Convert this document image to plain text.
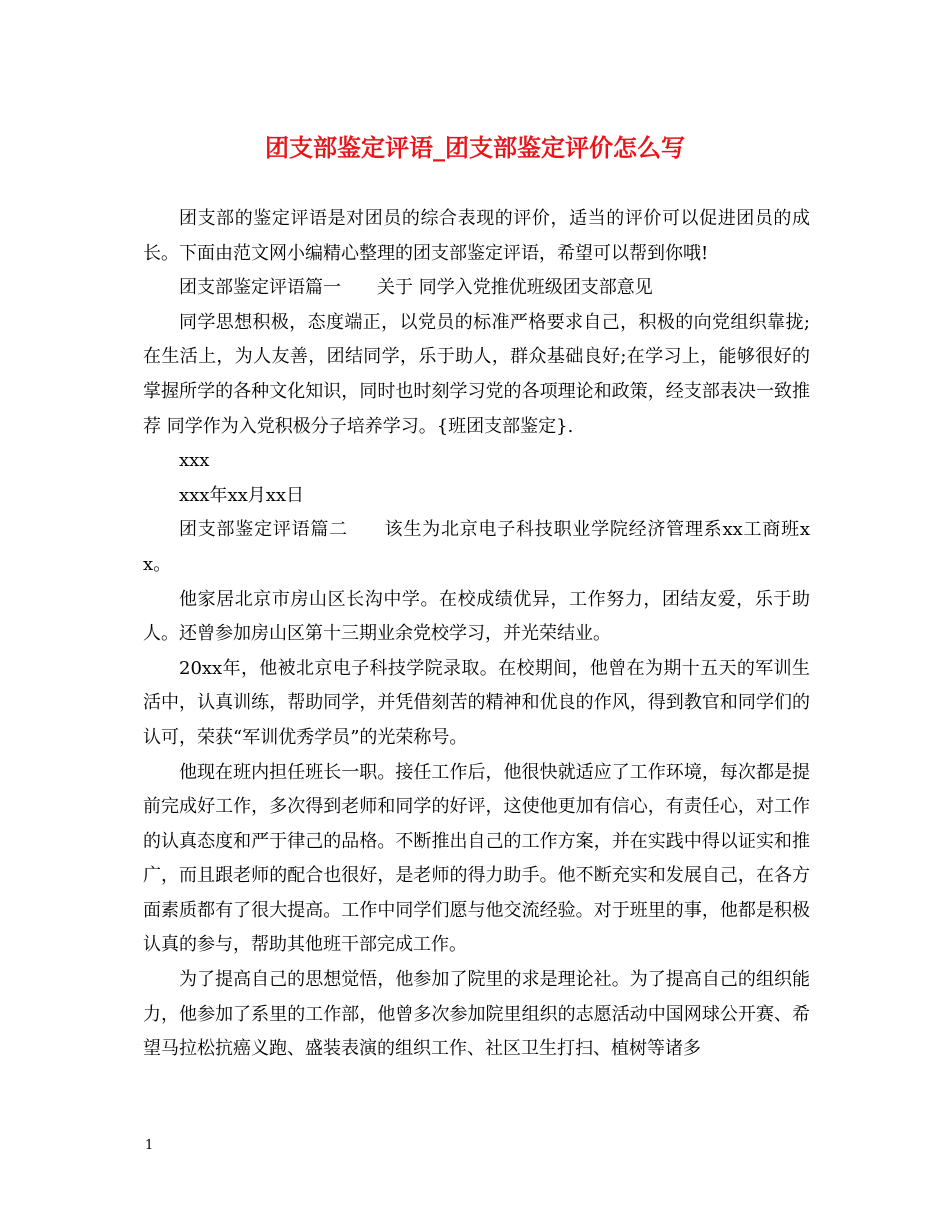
团支部鉴定评语_团支部鉴定评价怎么写

团支部的鉴定评语是对团员的综合表现的评价，适当的评价可以促进团员的成长。下面由范文网小编精心整理的团支部鉴定评语，希望可以帮到你哦!

团支部鉴定评语篇一 关于 同学入党推优班级团支部意见

同学思想积极，态度端正，以党员的标准严格要求自己，积极的向党组织靠拢;在生活上，为人友善，团结同学，乐于助人，群众基础良好;在学习上，能够很好的掌握所学的各种文化知识，同时也时刻学习党的各项理论和政策，经支部表决一致推荐 同学作为入党积极分子培养学习。{班团支部鉴定}.

xxx

xxx年xx月xx日

团支部鉴定评语篇二 该生为北京电子科技职业学院经济管理系xx工商班xx。

他家居北京市房山区长沟中学。在校成绩优异，工作努力，团结友爱，乐于助人。还曾参加房山区第十三期业余党校学习，并光荣结业。

20xx年，他被北京电子科技学院录取。在校期间，他曾在为期十五天的军训生活中，认真训练，帮助同学，并凭借刻苦的精神和优良的作风，得到教官和同学们的认可，荣获“军训优秀学员”的光荣称号。

他现在班内担任班长一职。接任工作后，他很快就适应了工作环境，每次都是提前完成好工作，多次得到老师和同学的好评，这使他更加有信心，有责任心，对工作的认真态度和严于律己的品格。不断推出自己的工作方案，并在实践中得以证实和推广，而且跟老师的配合也很好，是老师的得力助手。他不断充实和发展自己，在各方面素质都有了很大提高。工作中同学们愿与他交流经验。对于班里的事，他都是积极认真的参与，帮助其他班干部完成工作。

为了提高自己的思想觉悟，他参加了院里的求是理论社。为了提高自己的组织能力，他参加了系里的工作部，他曾多次参加院里组织的志愿活动中国网球公开赛、希望马拉松抗癌义跑、盛装表演的组织工作、社区卫生打扫、植树等诸多

1
